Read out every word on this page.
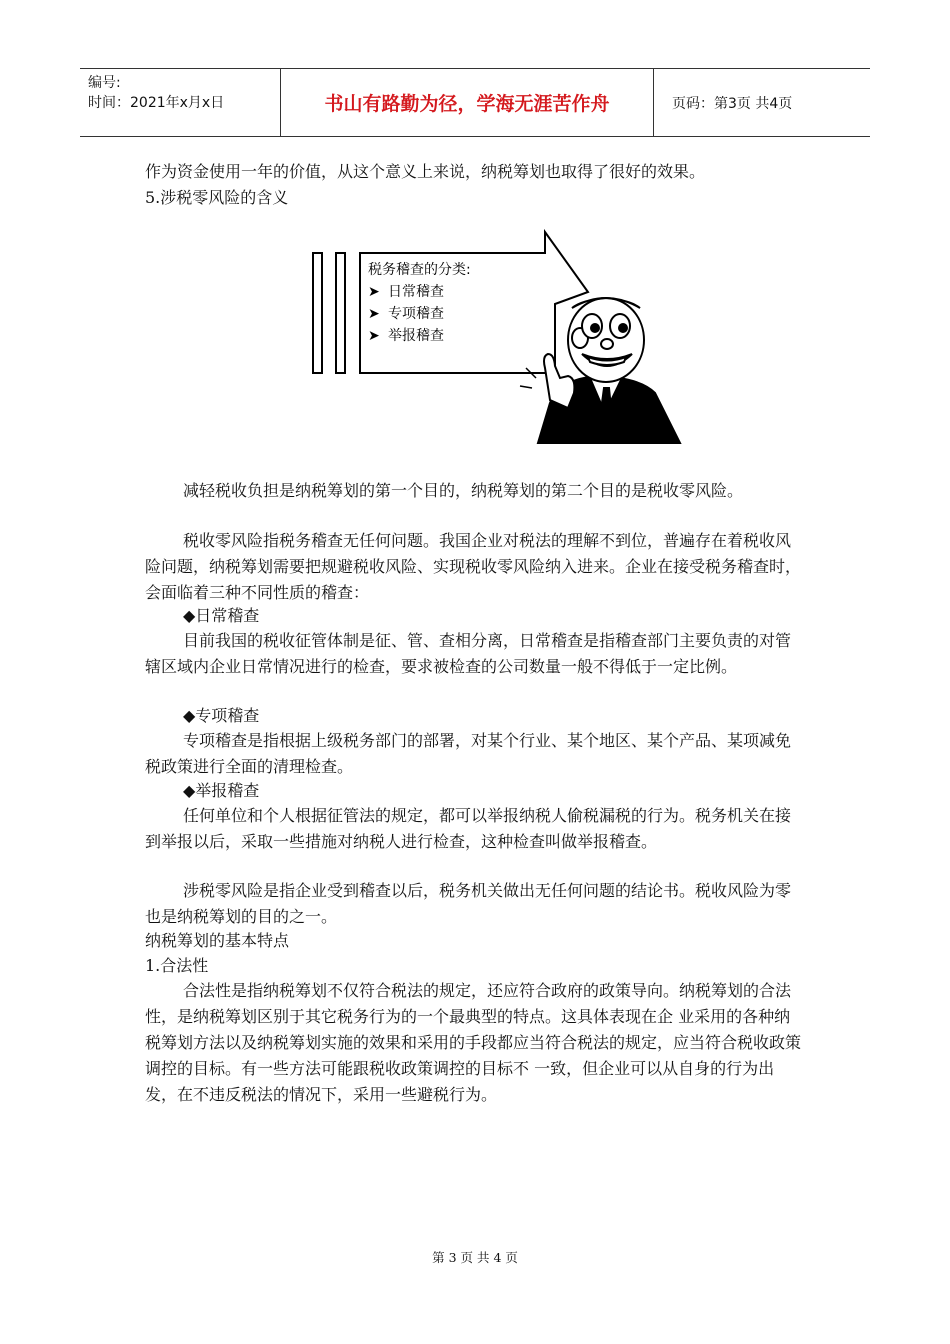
编号:
时间：2021年x月x日	书山有路勤为径，学海无涯苦作舟	页码：第3页 共4页

作为资金使用一年的价值，从这个意义上来说，纳税筹划也取得了很好的效果。

5.涉税零风险的含义

税务稽查的分类:
➤ 日常稽查
➤ 专项稽查
➤ 举报稽查

减轻税收负担是纳税筹划的第一个目的，纳税筹划的第二个目的是税收零风险。

税收零风险指税务稽查无任何问题。我国企业对税法的理解不到位，普遍存在着税收风险问题，纳税筹划需要把规避税收风险、实现税收零风险纳入进来。企业在接受税务稽查时，会面临着三种不同性质的稽查：

◆日常稽查

目前我国的税收征管体制是征、管、查相分离，日常稽查是指稽查部门主要负责的对管辖区域内企业日常情况进行的检查，要求被检查的公司数量一般不得低于一定比例。

◆专项稽查

专项稽查是指根据上级税务部门的部署，对某个行业、某个地区、某个产品、某项减免税政策进行全面的清理检查。

◆举报稽查

任何单位和个人根据征管法的规定，都可以举报纳税人偷税漏税的行为。税务机关在接到举报以后，采取一些措施对纳税人进行检查，这种检查叫做举报稽查。

涉税零风险是指企业受到稽查以后，税务机关做出无任何问题的结论书。税收风险为零也是纳税筹划的目的之一。

纳税筹划的基本特点

1.合法性

合法性是指纳税筹划不仅符合税法的规定，还应符合政府的政策导向。纳税筹划的合法性，是纳税筹划区别于其它税务行为的一个最典型的特点。这具体表现在企 业采用的各种纳税筹划方法以及纳税筹划实施的效果和采用的手段都应当符合税法的规定，应当符合税收政策调控的目标。有一些方法可能跟税收政策调控的目标不 一致，但企业可以从自身的行为出发，在不违反税法的情况下，采用一些避税行为。

第 3 页 共 4 页
